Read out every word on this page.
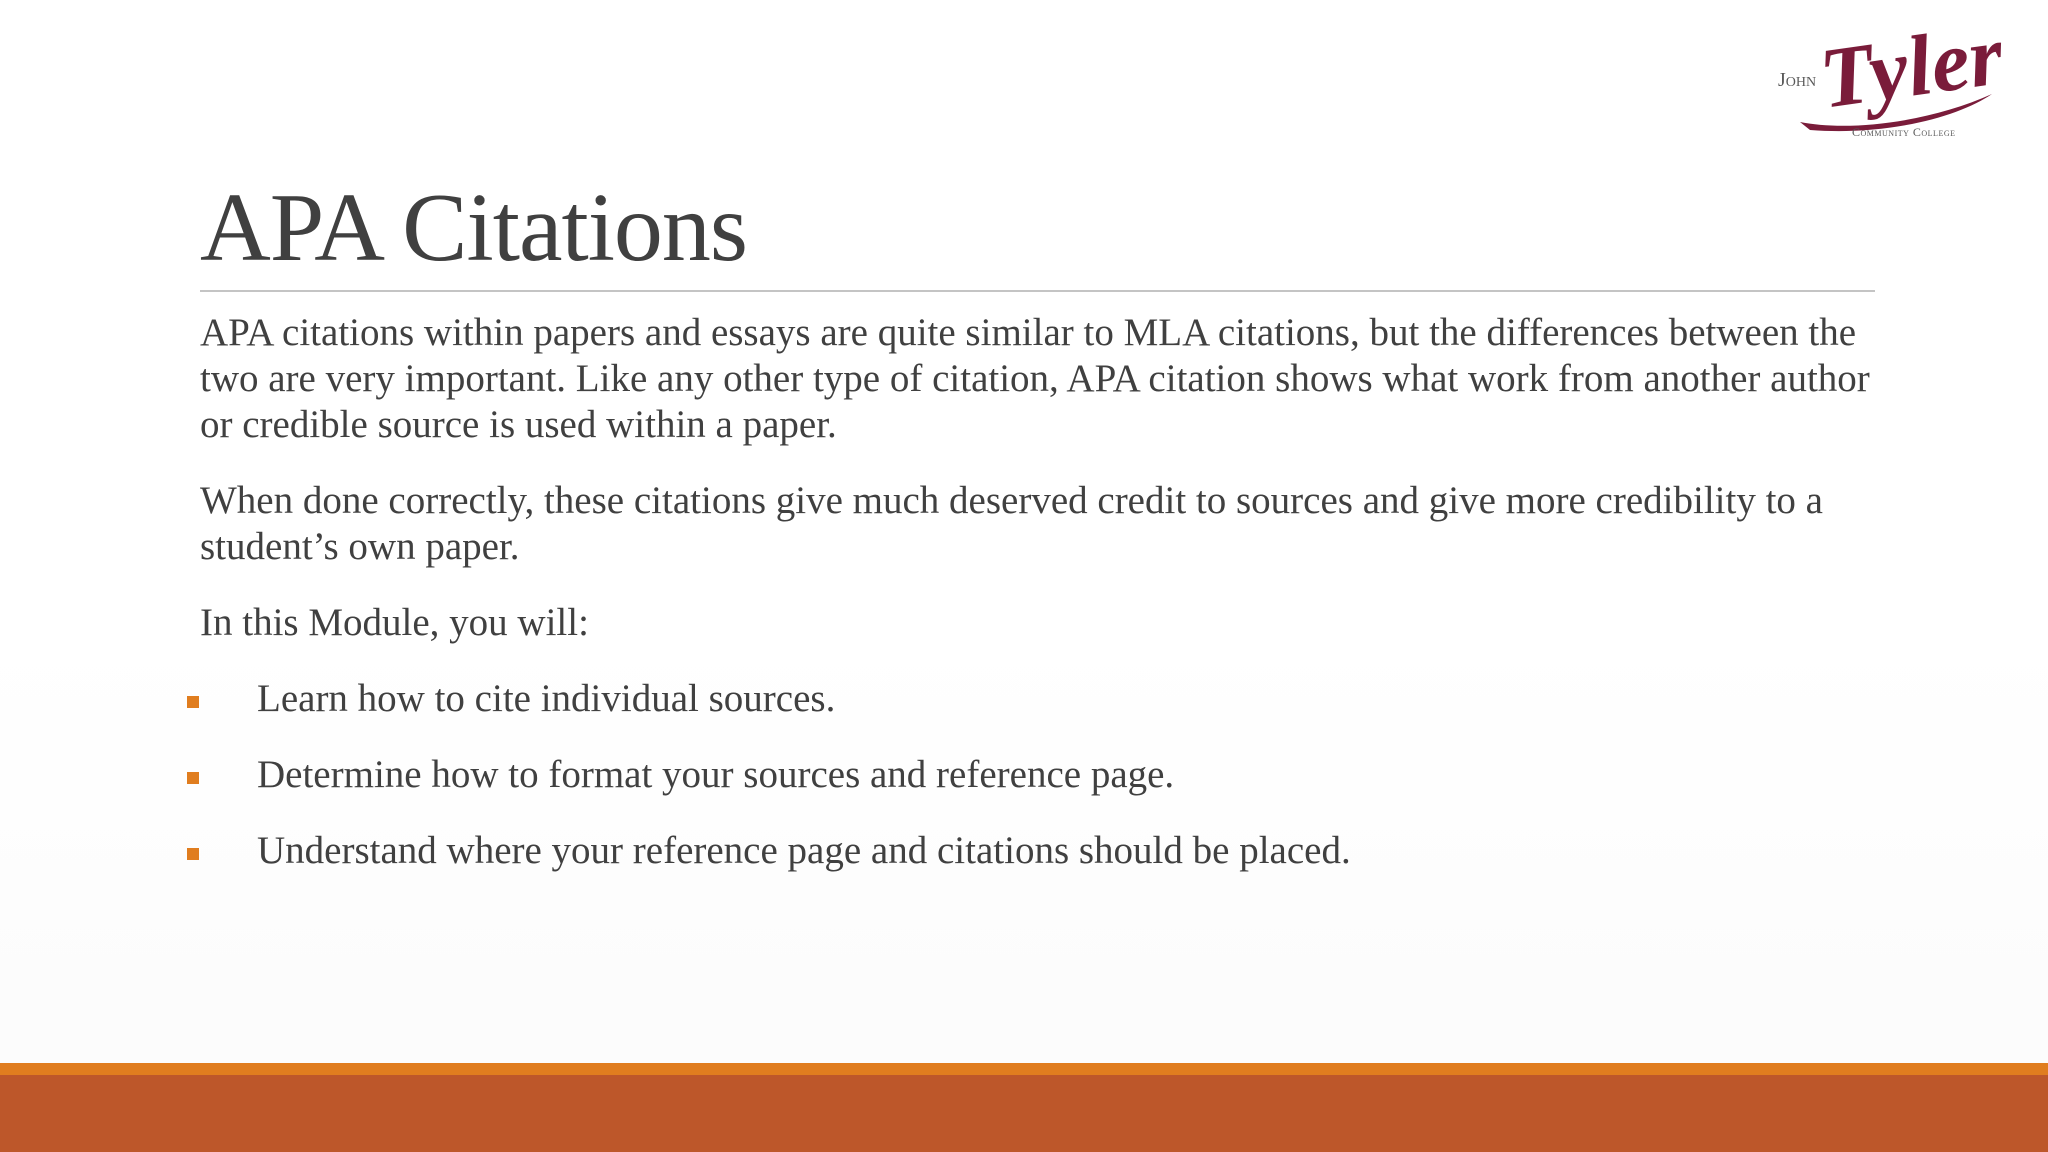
John
Tyler
Community College
APA Citations

APA citations within papers and essays are quite similar to MLA citations, but the differences between the two are very important. Like any other type of citation, APA citation shows what work from another author or credible source is used within a paper.

When done correctly, these citations give much deserved credit to sources and give more credibility to a student’s own paper.

In this Module, you will:

Learn how to cite individual sources.
Determine how to format your sources and reference page.
Understand where your reference page and citations should be placed.
